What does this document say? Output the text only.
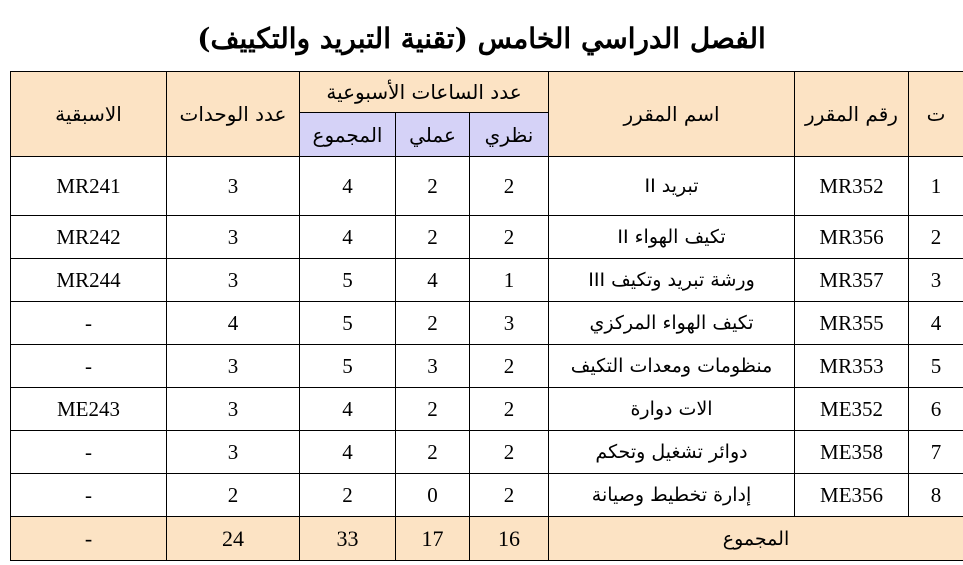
الفصل الدراسي الخامس (تقنية التبريد والتكييف)
ت	رقم المقرر	اسم المقرر	عدد الساعات الأسبوعية			عدد الوحدات	الاسبقية
			نظري	عملي	المجموع		
1	MR352	تبريد II	2	2	4	3	MR241
2	MR356	تكيف الهواء II	2	2	4	3	MR242
3	MR357	ورشة تبريد وتكيف III	1	4	5	3	MR244
4	MR355	تكيف الهواء المركزي	3	2	5	4	-
5	MR353	منظومات ومعدات التكيف	2	3	5	3	-
6	ME352	الات دوارة	2	2	4	3	ME243
7	ME358	دوائر تشغيل وتحكم	2	2	4	3	-
8	ME356	إدارة تخطيط وصيانة	2	0	2	2	-
المجموع			16	17	33	24	-
